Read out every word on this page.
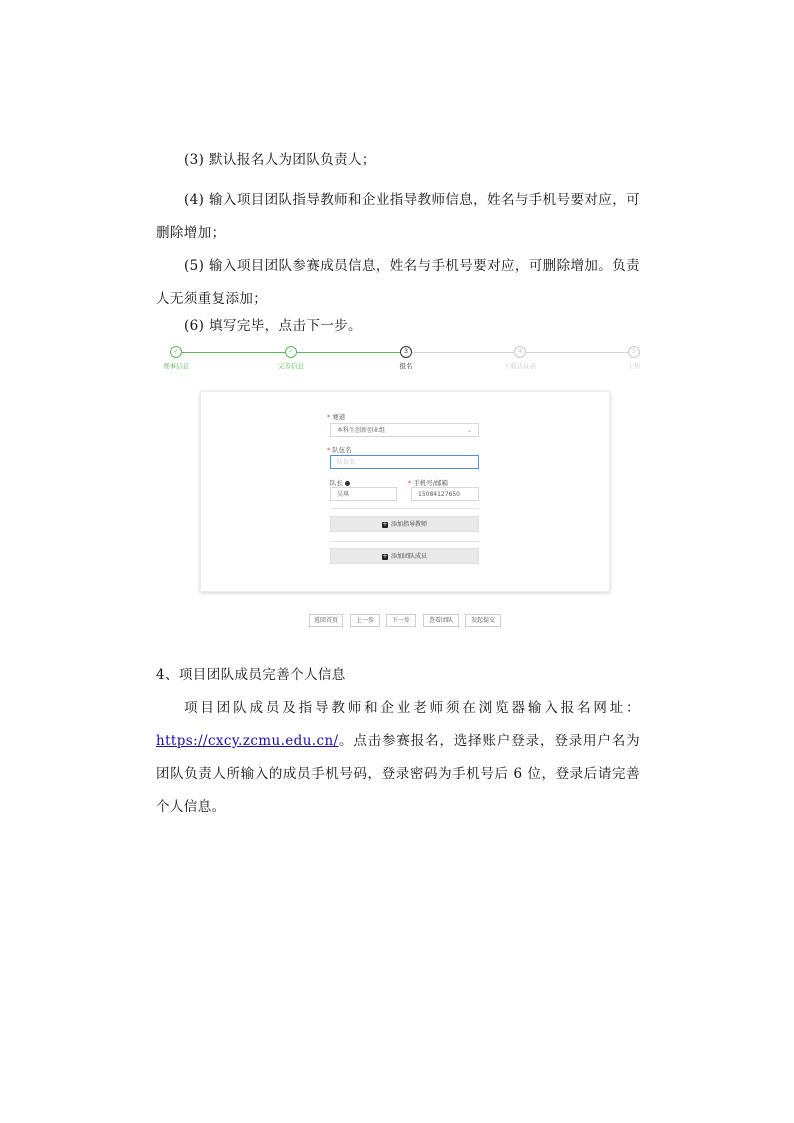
(3) 默认报名人为团队负责人；

(4) 输入项目团队指导教师和企业指导教师信息，姓名与手机号要对应，可删除增加；

(5) 输入项目团队参赛成员信息，姓名与手机号要对应，可删除增加。负责人无须重复添加；

(6) 填写完毕，点击下一步。

✓
赛事信息
✓
完善信息
3
报名
4
下载认证表
5
上传
* 赛道
本科生创新创业组	⌄
* 队伍名
队伍名
队长
吴琪
* 手机号/邮箱
15084127650
+ 添加指导教师
+ 添加团队成员
返回首页	上一步	下一步	查看团队	发起提交

4、项目团队成员完善个人信息

项目团队成员及指导教师和企业老师须在浏览器输入报名网址：https://cxcy.zcmu.edu.cn/。点击参赛报名，选择账户登录，登录用户名为团队负责人所输入的成员手机号码，登录密码为手机号后 6 位，登录后请完善个人信息。
